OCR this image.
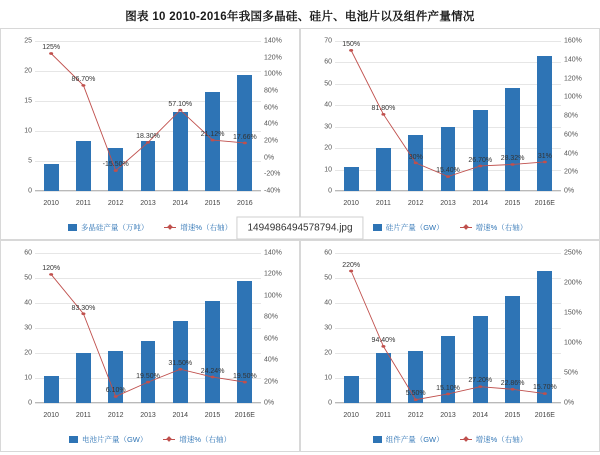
图表 10 2010-2016年我国多晶硅、硅片、电池片以及组件产量情况
25
20
15
10
5
0
140%
120%
100%
80%
60%
40%
20%
0%
-20%
-40%
125%
86.70%
-15.50%
18.30%
57.10%
21.12% 17.66%
2010	2011	2012	2013	2014	2015	2016
多晶硅产量（万吨）	增速%（右轴）
70
60
50
40
30
20
10
0
160%
140%
120%
100%
80%
60%
40%
20%
0%
150%
81.80%
30%
15.40%
26.70% 28.32% 31%
2010	2011	2012	2013	2014	2015	2016E
硅片产量（GW）	增速%（右轴）
60
50
40
30
20
10
0
140%
120%
100%
80%
60%
40%
20%
0%
120%
83.30%
6.10%
19.50%
31.50%
24.24%
19.50%
2010	2011	2012	2013	2014	2015	2016E
电池片产量（GW）	增速%（右轴）
60
50
40
30
20
10
0
250%
200%
150%
100%
50%
0%
220%
94.40%
5.50%
15.10%
27.20% 22.86%
15.70%
2010	2011	2012	2013	2014	2015	2016E
组件产量（GW）	增速%（右轴）
1494986494578794.jpg
